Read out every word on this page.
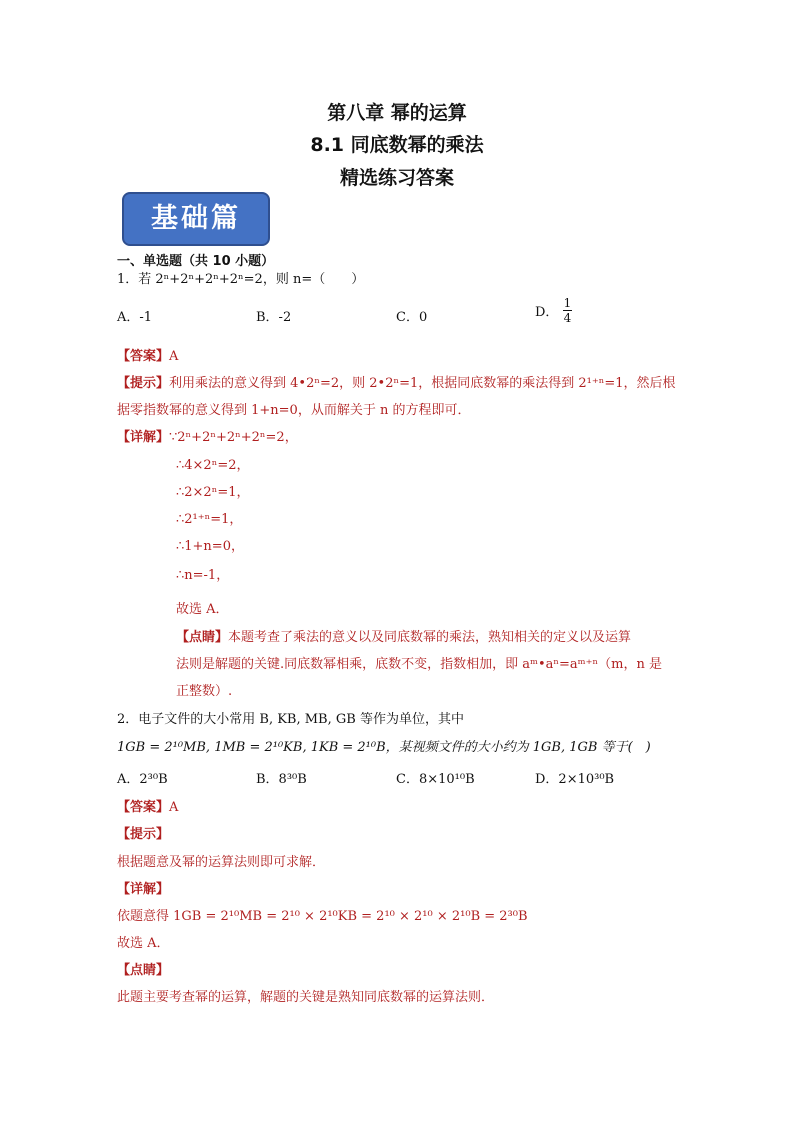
第八章 幂的运算
8.1 同底数幂的乘法
精选练习答案
基础篇
一、单选题（共 10 小题）
1．若 2ⁿ+2ⁿ+2ⁿ+2ⁿ=2，则 n=（　　）
A．-1	B．-2	C．0	D． $\frac{1}{4}$
【答案】A
【提示】利用乘法的意义得到 4•2ⁿ=2，则 2•2ⁿ=1，根据同底数幂的乘法得到 2¹⁺ⁿ=1，然后根
据零指数幂的意义得到 1+n=0，从而解关于 n 的方程即可．
【详解】∵2ⁿ+2ⁿ+2ⁿ+2ⁿ=2，
∴4×2ⁿ=2，
∴2×2ⁿ=1，
∴2¹⁺ⁿ=1，
∴1+n=0，
∴n=-1，
故选 A．
【点睛】本题考查了乘法的意义以及同底数幂的乘法，熟知相关的定义以及运算
法则是解题的关键.同底数幂相乘，底数不变，指数相加，即 aᵐ•aⁿ=aᵐ⁺ⁿ（m，n 是
正整数）.
2．电子文件的大小常用 B, KB, MB, GB 等作为单位，其中
1GB = 2¹⁰MB, 1MB = 2¹⁰KB, 1KB = 2¹⁰B，某视频文件的大小约为 1GB, 1GB 等于(　)
A．2³⁰B	B．8³⁰B	C．8×10¹⁰B	D．2×10³⁰B
【答案】A
【提示】
根据题意及幂的运算法则即可求解．
【详解】
依题意得 1GB = 2¹⁰MB = 2¹⁰ × 2¹⁰KB = 2¹⁰ × 2¹⁰ × 2¹⁰B = 2³⁰B
故选 A．
【点睛】
此题主要考查幂的运算，解题的关键是熟知同底数幂的运算法则．
